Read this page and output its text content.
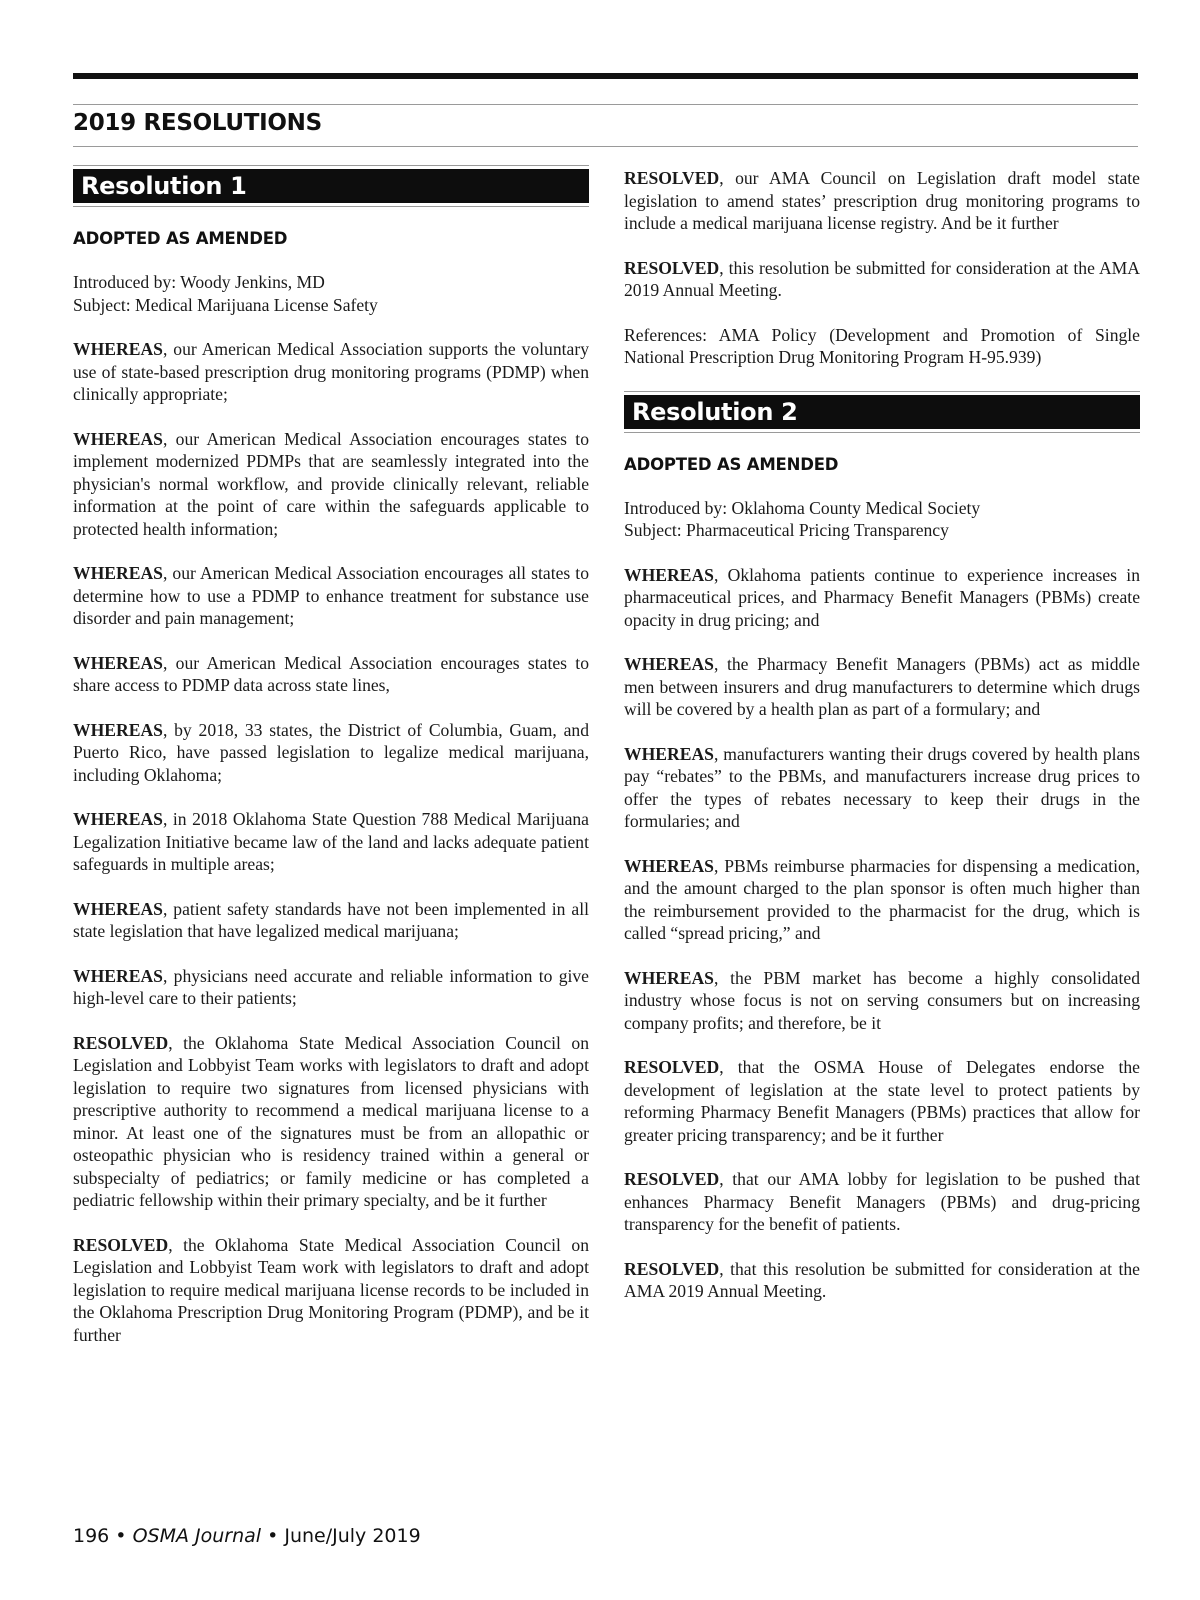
2019 RESOLUTIONS
Resolution 1
ADOPTED AS AMENDED
Introduced by: Woody Jenkins, MD
Subject: Medical Marijuana License Safety

WHEREAS, our American Medical Association supports the voluntary use of state-based prescription drug monitoring programs (PDMP) when clinically appropriate;

WHEREAS, our American Medical Association encourages states to implement modernized PDMPs that are seamlessly integrated into the physician's normal workflow, and provide clinically relevant, reliable information at the point of care within the safeguards applicable to protected health information;

WHEREAS, our American Medical Association encourages all states to determine how to use a PDMP to enhance treatment for substance use disorder and pain management;

WHEREAS, our American Medical Association encourages states to share access to PDMP data across state lines,

WHEREAS, by 2018, 33 states, the District of Columbia, Guam, and Puerto Rico, have passed legislation to legalize medical marijuana, including Oklahoma;

WHEREAS, in 2018 Oklahoma State Question 788 Medical Marijuana Legalization Initiative became law of the land and lacks adequate patient safeguards in multiple areas;

WHEREAS, patient safety standards have not been implemented in all state legislation that have legalized medical marijuana;

WHEREAS, physicians need accurate and reliable information to give high-level care to their patients;

RESOLVED, the Oklahoma State Medical Association Council on Legislation and Lobbyist Team works with legislators to draft and adopt legislation to require two signatures from licensed physicians with prescriptive authority to recommend a medical marijuana license to a minor. At least one of the signatures must be from an allopathic or osteopathic physician who is residency trained within a general or subspecialty of pediatrics; or family medicine or has completed a pediatric fellowship within their primary specialty, and be it further

RESOLVED, the Oklahoma State Medical Association Council on Legislation and Lobbyist Team work with legislators to draft and adopt legislation to require medical marijuana license records to be included in the Oklahoma Prescription Drug Monitoring Program (PDMP), and be it further

RESOLVED, our AMA Council on Legislation draft model state legislation to amend states’ prescription drug monitoring programs to include a medical marijuana license registry. And be it further

RESOLVED, this resolution be submitted for consideration at the AMA 2019 Annual Meeting.

References: AMA Policy (Development and Promotion of Single National Prescription Drug Monitoring Program H-95.939)

Resolution 2
ADOPTED AS AMENDED
Introduced by: Oklahoma County Medical Society
Subject: Pharmaceutical Pricing Transparency

WHEREAS, Oklahoma patients continue to experience increases in pharmaceutical prices, and Pharmacy Benefit Managers (PBMs) create opacity in drug pricing; and

WHEREAS, the Pharmacy Benefit Managers (PBMs) act as middle men between insurers and drug manufacturers to determine which drugs will be covered by a health plan as part of a formulary; and

WHEREAS, manufacturers wanting their drugs covered by health plans pay “rebates” to the PBMs, and manufacturers increase drug prices to offer the types of rebates necessary to keep their drugs in the formularies; and

WHEREAS, PBMs reimburse pharmacies for dispensing a medication, and the amount charged to the plan sponsor is often much higher than the reimbursement provided to the pharmacist for the drug, which is called “spread pricing,” and

WHEREAS, the PBM market has become a highly consolidated industry whose focus is not on serving consumers but on increasing company profits; and therefore, be it

RESOLVED, that the OSMA House of Delegates endorse the development of legislation at the state level to protect patients by reforming Pharmacy Benefit Managers (PBMs) practices that allow for greater pricing transparency; and be it further

RESOLVED, that our AMA lobby for legislation to be pushed that enhances Pharmacy Benefit Managers (PBMs) and drug-pricing transparency for the benefit of patients.

RESOLVED, that this resolution be submitted for consideration at the AMA 2019 Annual Meeting.

196 • OSMA Journal • June/July 2019
